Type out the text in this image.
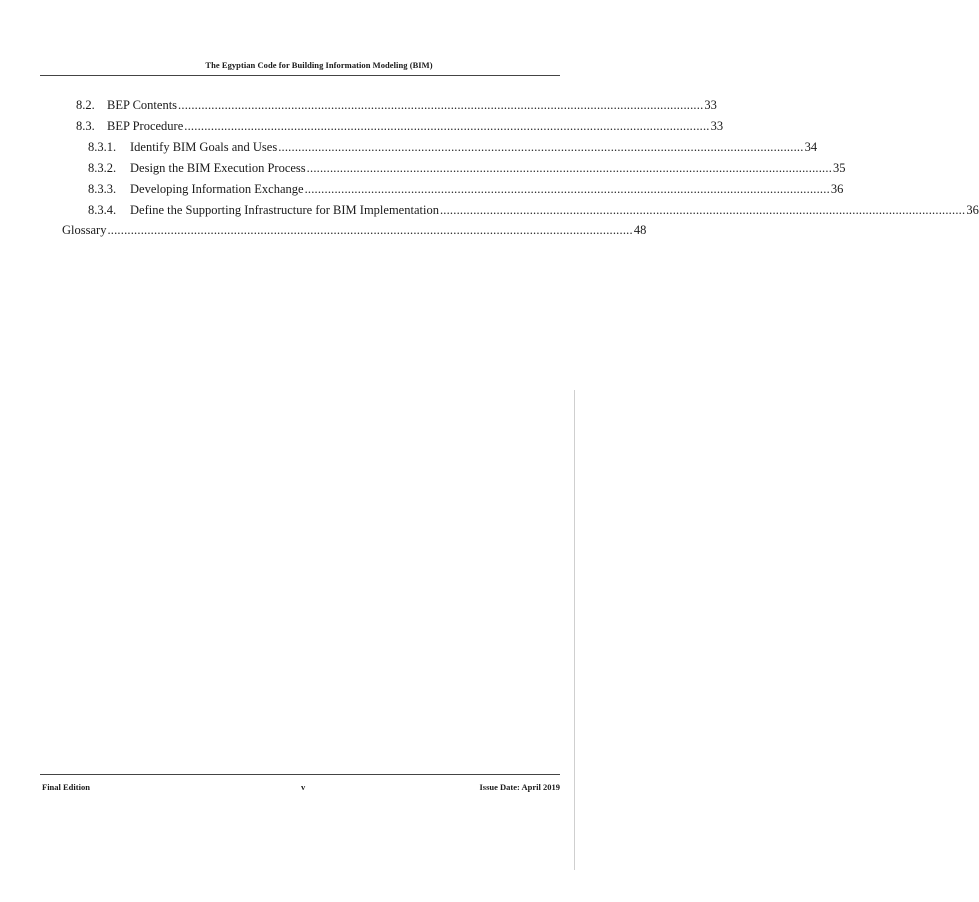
The Egyptian Code for Building Information Modeling (BIM)
8.2. BEP Contents .............................................................................................................................................................. 33
8.3. BEP Procedure .............................................................................................................................................................. 33
8.3.1.	Identify BIM Goals and Uses .............................................................................................................................................................. 34
8.3.2.	Design the BIM Execution Process .............................................................................................................................................................. 35
8.3.3.	Developing Information Exchange .............................................................................................................................................................. 36
8.3.4.	Define the Supporting Infrastructure for BIM Implementation .............................................................................................................................................................. 36
Glossary .............................................................................................................................................................. 48
Final Edition	v	Issue Date: April 2019
